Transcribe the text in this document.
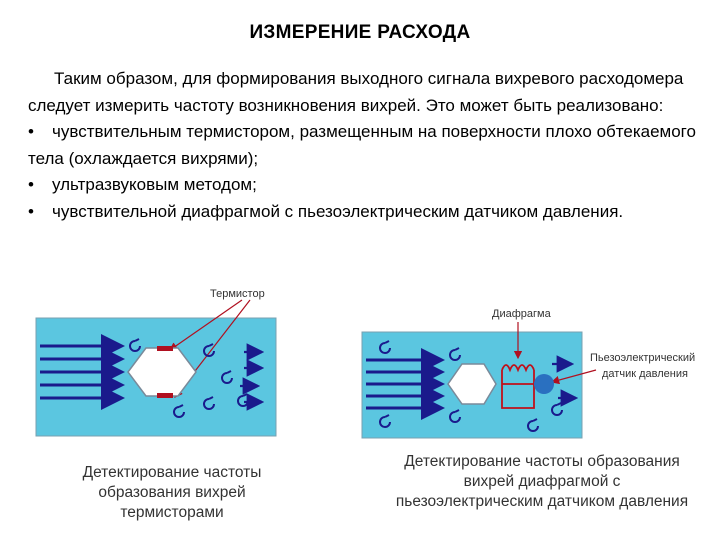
ИЗМЕРЕНИЕ РАСХОДА

Таким образом, для формирования выходного сигнала вихревого расходомера следует измерить частоту возникновения вихрей. Это может быть реализовано:

• чувствительным термистором, размещенным на поверхности плохо обтекаемого тела (охлаждается вихрями);

• ультразвуковым методом;

• чувствительной диафрагмой с пьезоэлектрическим датчиком давления.

Термистор
Диафрагма
Пьезоэлектрический
датчик давления
Детектирование частоты образования вихрей термисторами
Детектирование частоты образования вихрей диафрагмой с пьезоэлектрическим датчиком давления
